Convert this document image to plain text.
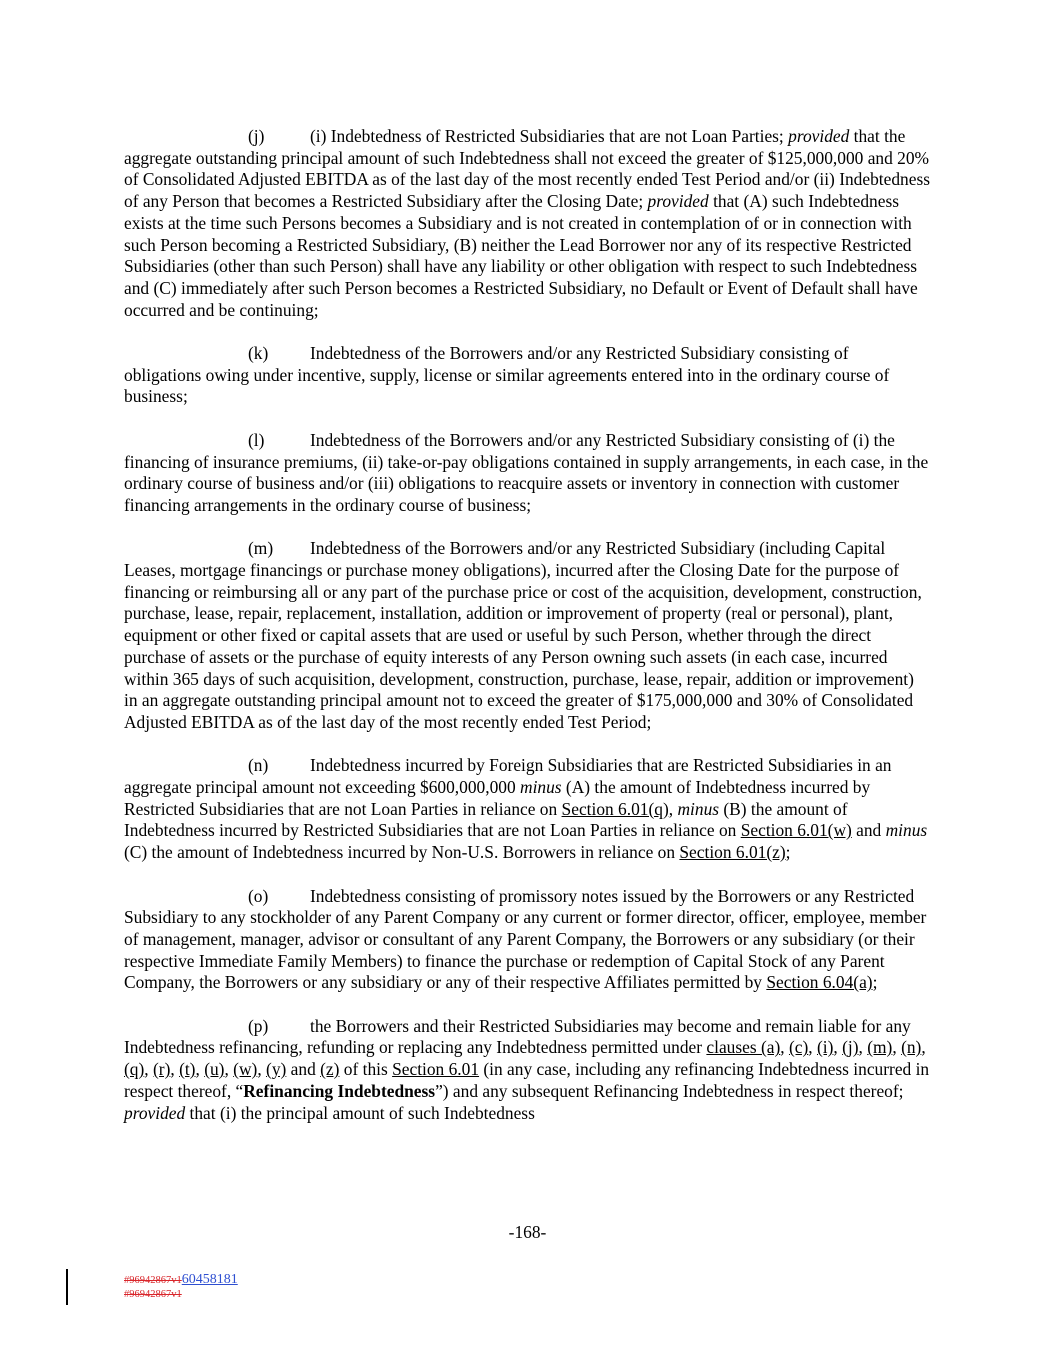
(j)	(i) Indebtedness of Restricted Subsidiaries that are not Loan Parties; provided that the aggregate outstanding principal amount of such Indebtedness shall not exceed the greater of $125,000,000 and 20% of Consolidated Adjusted EBITDA as of the last day of the most recently ended Test Period and/or (ii) Indebtedness of any Person that becomes a Restricted Subsidiary after the Closing Date; provided that (A) such Indebtedness exists at the time such Persons becomes a Subsidiary and is not created in contemplation of or in connection with such Person becoming a Restricted Subsidiary, (B) neither the Lead Borrower nor any of its respective Restricted Subsidiaries (other than such Person) shall have any liability or other obligation with respect to such Indebtedness and (C) immediately after such Person becomes a Restricted Subsidiary, no Default or Event of Default shall have occurred and be continuing;

(k) Indebtedness of the Borrowers and/or any Restricted Subsidiary consisting of obligations owing under incentive, supply, license or similar agreements entered into in the ordinary course of business;

(l)	Indebtedness of the Borrowers and/or any Restricted Subsidiary consisting of (i) the financing of insurance premiums, (ii) take-or-pay obligations contained in supply arrangements, in each case, in the ordinary course of business and/or (iii) obligations to reacquire assets or inventory in connection with customer financing arrangements in the ordinary course of business;

(m) Indebtedness of the Borrowers and/or any Restricted Subsidiary (including Capital Leases, mortgage financings or purchase money obligations), incurred after the Closing Date for the purpose of financing or reimbursing all or any part of the purchase price or cost of the acquisition, development, construction, purchase, lease, repair, replacement, installation, addition or improvement of property (real or personal), plant, equipment or other fixed or capital assets that are used or useful by such Person, whether through the direct purchase of assets or the purchase of equity interests of any Person owning such assets (in each case, incurred within 365 days of such acquisition, development, construction, purchase, lease, repair, addition or improvement) in an aggregate outstanding principal amount not to exceed the greater of $175,000,000 and 30% of Consolidated Adjusted EBITDA as of the last day of the most recently ended Test Period;

(n) Indebtedness incurred by Foreign Subsidiaries that are Restricted Subsidiaries in an aggregate principal amount not exceeding $600,000,000 minus (A) the amount of Indebtedness incurred by Restricted Subsidiaries that are not Loan Parties in reliance on Section 6.01(q), minus (B) the amount of Indebtedness incurred by Restricted Subsidiaries that are not Loan Parties in reliance on Section 6.01(w) and minus (C) the amount of Indebtedness incurred by Non-U.S. Borrowers in reliance on Section 6.01(z);

(o) Indebtedness consisting of promissory notes issued by the Borrowers or any Restricted Subsidiary to any stockholder of any Parent Company or any current or former director, officer, employee, member of management, manager, advisor or consultant of any Parent Company, the Borrowers or any subsidiary (or their respective Immediate Family Members) to finance the purchase or redemption of Capital Stock of any Parent Company, the Borrowers or any subsidiary or any of their respective Affiliates permitted by Section 6.04(a);

(p) the Borrowers and their Restricted Subsidiaries may become and remain liable for any Indebtedness refinancing, refunding or replacing any Indebtedness permitted under clauses (a), (c), (i), (j), (m), (n), (q), (r), (t), (u), (w), (y) and (z) of this Section 6.01 (in any case, including any refinancing Indebtedness incurred in respect thereof, “Refinancing Indebtedness”) and any subsequent Refinancing Indebtedness in respect thereof; provided that (i) the principal amount of such Indebtedness

-168-
#96942867v160458181
#96942867v1
